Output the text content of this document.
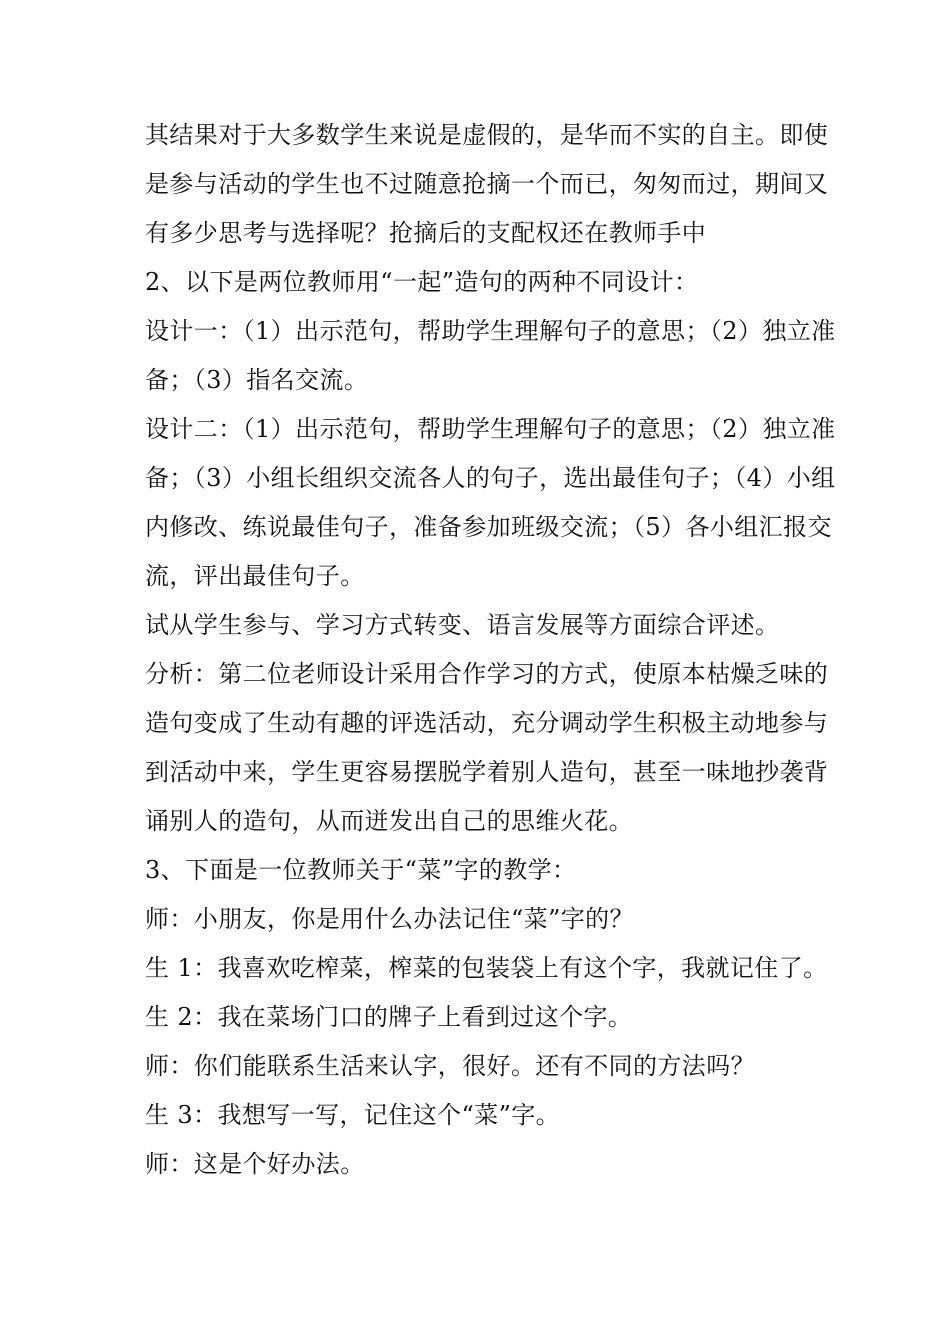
其结果对于大多数学生来说是虚假的，是华而不实的自主。即使
是参与活动的学生也不过随意抢摘一个而已，匆匆而过，期间又
有多少思考与选择呢？抢摘后的支配权还在教师手中
2、以下是两位教师用“一起”造句的两种不同设计：
设计一：（1）出示范句，帮助学生理解句子的意思；（2）独立准
备；（3）指名交流。
设计二：（1）出示范句，帮助学生理解句子的意思；（2）独立准
备；（3）小组长组织交流各人的句子，选出最佳句子；（4）小组
内修改、练说最佳句子，准备参加班级交流；（5）各小组汇报交
流，评出最佳句子。
试从学生参与、学习方式转变、语言发展等方面综合评述。
分析：第二位老师设计采用合作学习的方式，使原本枯燥乏味的
造句变成了生动有趣的评选活动，充分调动学生积极主动地参与
到活动中来，学生更容易摆脱学着别人造句，甚至一味地抄袭背
诵别人的造句，从而迸发出自己的思维火花。
3、下面是一位教师关于“菜”字的教学：
师：小朋友，你是用什么办法记住“菜”字的？
生 1：我喜欢吃榨菜，榨菜的包装袋上有这个字，我就记住了。
生 2：我在菜场门口的牌子上看到过这个字。
师：你们能联系生活来认字，很好。还有不同的方法吗？
生 3：我想写一写，记住这个“菜”字。
师：这是个好办法。
